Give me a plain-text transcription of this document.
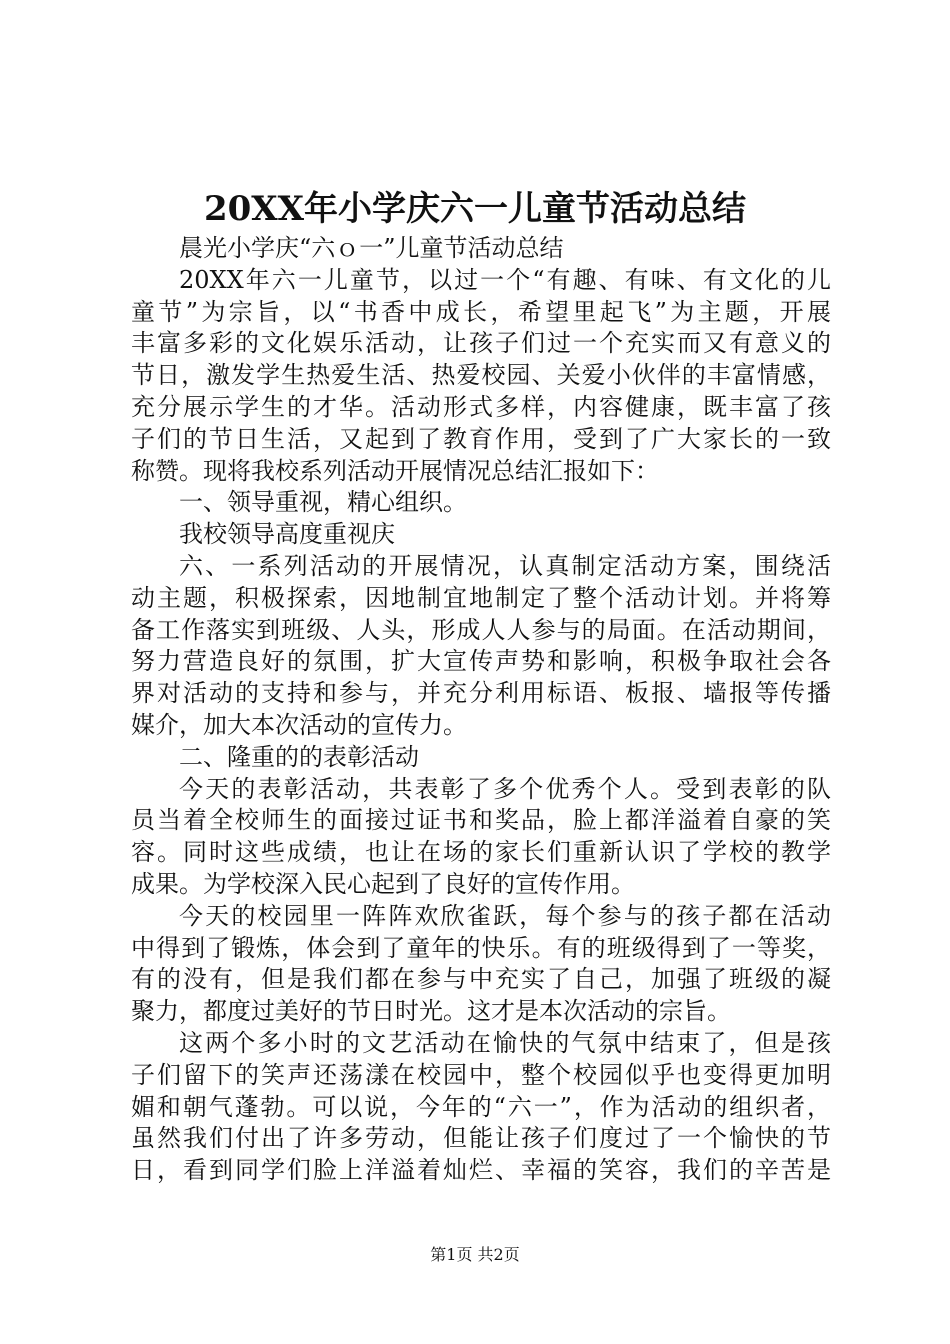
20XX年小学庆六一儿童节活动总结
晨光小学庆“六ｏ一”儿童节活动总结
20XX年六一儿童节，以过一个“有趣、有味、有文化的儿
童节”为宗旨，以“书香中成长，希望里起飞”为主题，开展
丰富多彩的文化娱乐活动，让孩子们过一个充实而又有意义的
节日，激发学生热爱生活、热爱校园、关爱小伙伴的丰富情感，
充分展示学生的才华。活动形式多样，内容健康，既丰富了孩
子们的节日生活，又起到了教育作用，受到了广大家长的一致
称赞。现将我校系列活动开展情况总结汇报如下：
一、领导重视，精心组织。
我校领导高度重视庆
六、一系列活动的开展情况，认真制定活动方案，围绕活
动主题，积极探索，因地制宜地制定了整个活动计划。并将筹
备工作落实到班级、人头，形成人人参与的局面。在活动期间，
努力营造良好的氛围，扩大宣传声势和影响，积极争取社会各
界对活动的支持和参与，并充分利用标语、板报、墙报等传播
媒介，加大本次活动的宣传力。
二、隆重的的表彰活动
今天的表彰活动，共表彰了多个优秀个人。受到表彰的队
员当着全校师生的面接过证书和奖品，脸上都洋溢着自豪的笑
容。同时这些成绩，也让在场的家长们重新认识了学校的教学
成果。为学校深入民心起到了良好的宣传作用。
今天的校园里一阵阵欢欣雀跃，每个参与的孩子都在活动
中得到了锻炼，体会到了童年的快乐。有的班级得到了一等奖，
有的没有，但是我们都在参与中充实了自己，加强了班级的凝
聚力，都度过美好的节日时光。这才是本次活动的宗旨。
这两个多小时的文艺活动在愉快的气氛中结束了，但是孩
子们留下的笑声还荡漾在校园中，整个校园似乎也变得更加明
媚和朝气蓬勃。可以说，今年的“六一”，作为活动的组织者，
虽然我们付出了许多劳动，但能让孩子们度过了一个愉快的节
日，看到同学们脸上洋溢着灿烂、幸福的笑容，我们的辛苦是
第1页 共2页
